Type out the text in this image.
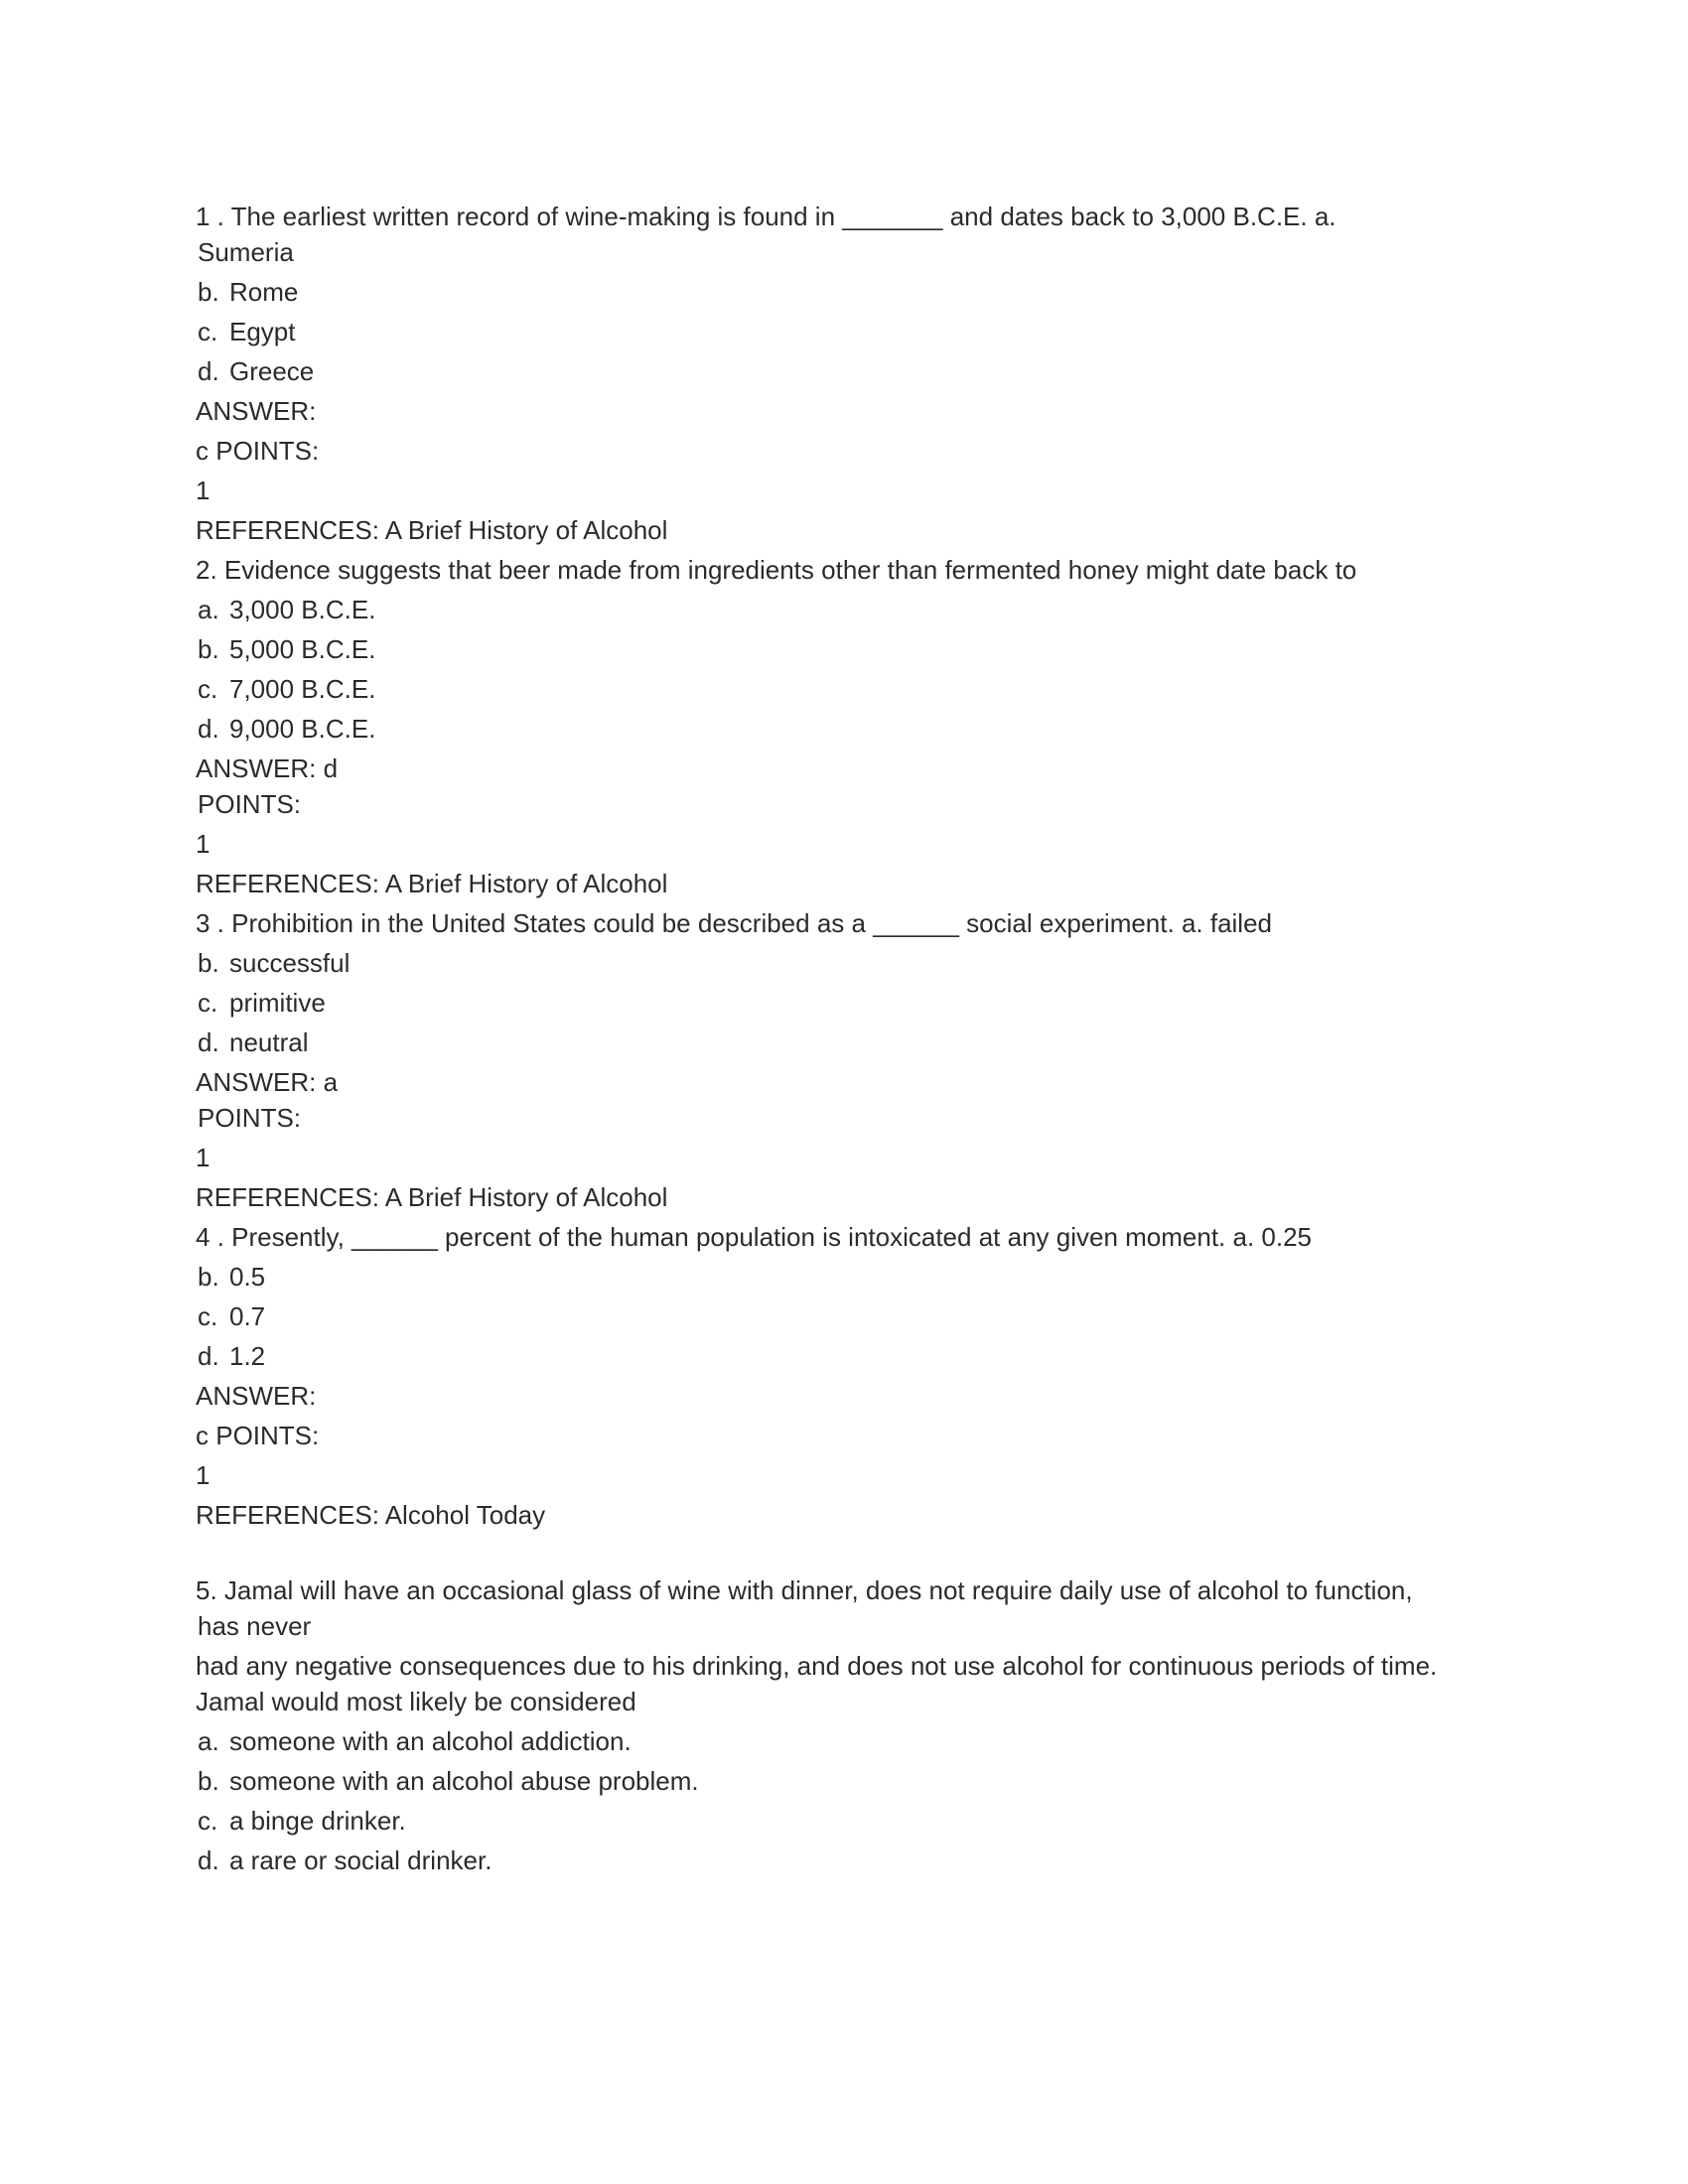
1 . The earliest written record of wine-making is found in _______ and dates back to 3,000 B.C.E. a.
Sumeria
b. Rome
c. Egypt
d. Greece
ANSWER:
c POINTS:
1
REFERENCES: A Brief History of Alcohol
2. Evidence suggests that beer made from ingredients other than fermented honey might date back to
a. 3,000 B.C.E.
b. 5,000 B.C.E.
c. 7,000 B.C.E.
d. 9,000 B.C.E.
ANSWER: d
POINTS:
1
REFERENCES: A Brief History of Alcohol
3 . Prohibition in the United States could be described as a ______ social experiment. a. failed
b. successful
c. primitive
d. neutral
ANSWER: a
POINTS:
1
REFERENCES: A Brief History of Alcohol
4 . Presently, ______ percent of the human population is intoxicated at any given moment. a. 0.25
b. 0.5
c. 0.7
d. 1.2
ANSWER:
c POINTS:
1
REFERENCES: Alcohol Today
5. Jamal will have an occasional glass of wine with dinner, does not require daily use of alcohol to function,
has never
had any negative consequences due to his drinking, and does not use alcohol for continuous periods of time.
Jamal would most likely be considered
a. someone with an alcohol addiction.
b. someone with an alcohol abuse problem.
c. a binge drinker.
d. a rare or social drinker.
